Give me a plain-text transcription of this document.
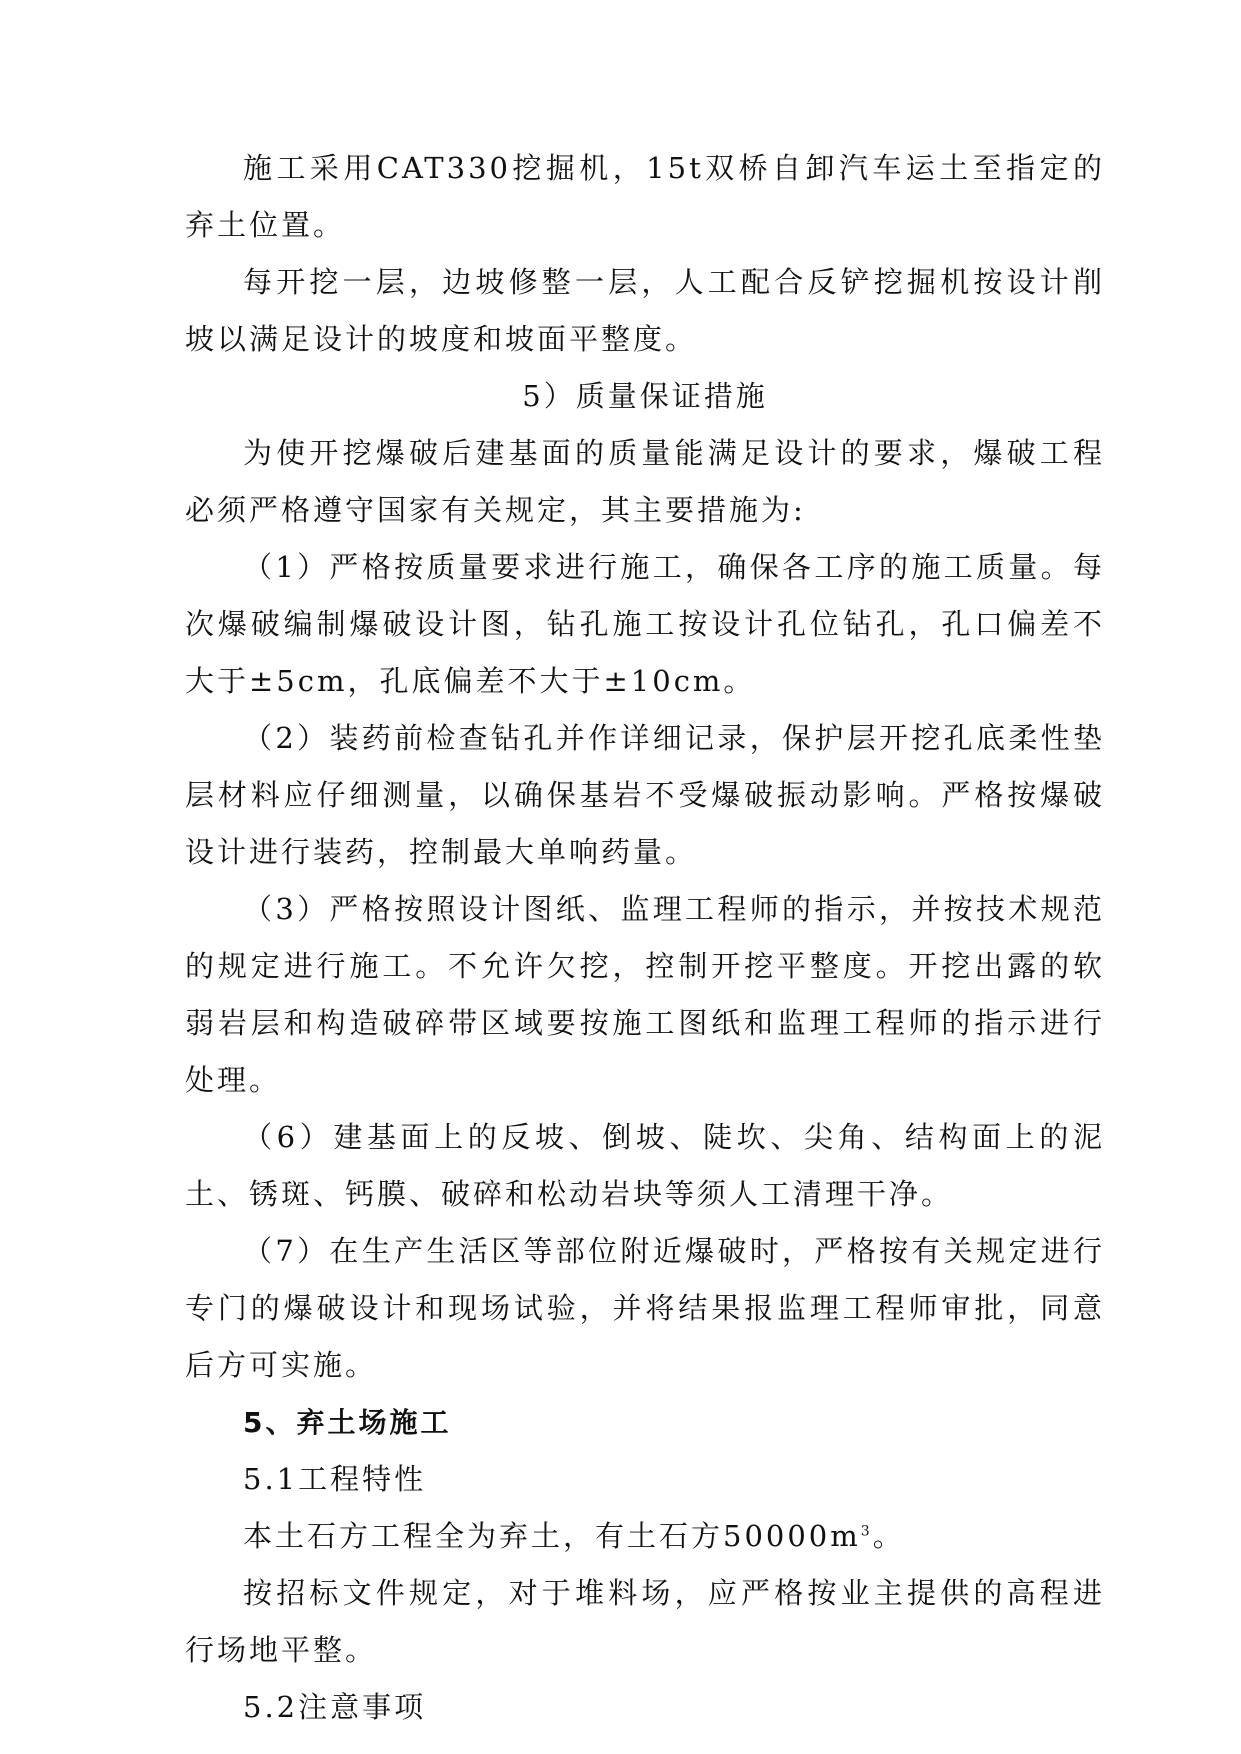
施工采用CAT330挖掘机，15t双桥自卸汽车运土至指定的弃土位置。

每开挖一层，边坡修整一层，人工配合反铲挖掘机按设计削坡以满足设计的坡度和坡面平整度。

5）质量保证措施

为使开挖爆破后建基面的质量能满足设计的要求，爆破工程必须严格遵守国家有关规定，其主要措施为:

（1）严格按质量要求进行施工，确保各工序的施工质量。每次爆破编制爆破设计图，钻孔施工按设计孔位钻孔，孔口偏差不大于±5cm，孔底偏差不大于±10cm。

（2）装药前检查钻孔并作详细记录，保护层开挖孔底柔性垫层材料应仔细测量，以确保基岩不受爆破振动影响。严格按爆破设计进行装药，控制最大单响药量。

（3）严格按照设计图纸、监理工程师的指示，并按技术规范的规定进行施工。不允许欠挖，控制开挖平整度。开挖出露的软弱岩层和构造破碎带区域要按施工图纸和监理工程师的指示进行处理。

（6）建基面上的反坡、倒坡、陡坎、尖角、结构面上的泥土、锈斑、钙膜、破碎和松动岩块等须人工清理干净。

（7）在生产生活区等部位附近爆破时，严格按有关规定进行专门的爆破设计和现场试验，并将结果报监理工程师审批，同意后方可实施。

5、弃土场施工

5.1工程特性

本土石方工程全为弃土，有土石方$50000m^3$。

按招标文件规定，对于堆料场，应严格按业主提供的高程进行场地平整。

5.2注意事项
